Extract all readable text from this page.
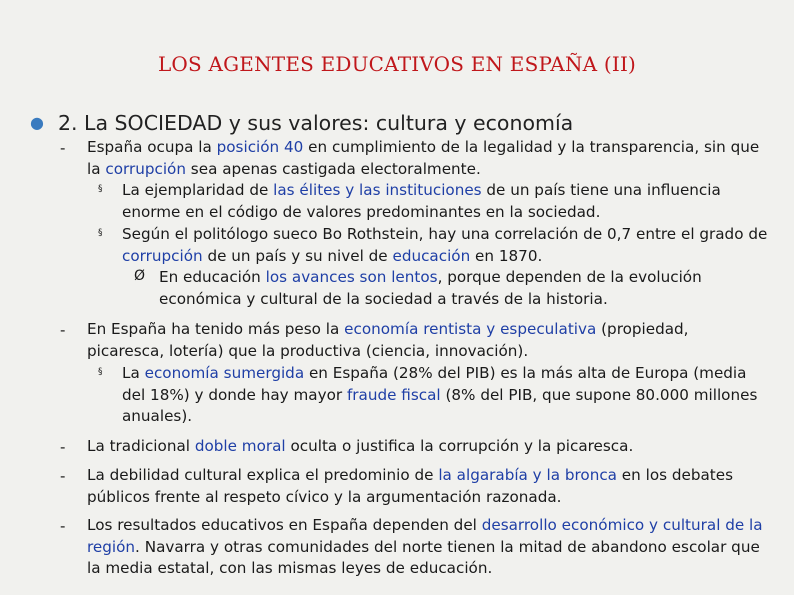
LOS AGENTES EDUCATIVOS EN ESPAÑA (II)
● 2. La SOCIEDAD y sus valores: cultura y economía
- España ocupa la posición 40 en cumplimiento de la legalidad y la transparencia, sin que la corrupción sea apenas castigada electoralmente.
§ La ejemplaridad de las élites y las instituciones de un país tiene una influencia enorme en el código de valores predominantes en la sociedad.
§ Según el politólogo sueco Bo Rothstein, hay una correlación de 0,7 entre el grado de corrupción de un país y su nivel de educación en 1870.
Ø En educación los avances son lentos, porque dependen de la evolución económica y cultural de la sociedad a través de la historia.
- En España ha tenido más peso la economía rentista y especulativa (propiedad, picaresca, lotería) que la productiva (ciencia, innovación).
§ La economía sumergida en España (28% del PIB) es la más alta de Europa (media del 18%) y donde hay mayor fraude fiscal (8% del PIB, que supone 80.000 millones anuales).
- La tradicional doble moral oculta o justifica la corrupción y la picaresca.
- La debilidad cultural explica el predominio de la algarabía y la bronca en los debates públicos frente al respeto cívico y la argumentación razonada.
- Los resultados educativos en España dependen del desarrollo económico y cultural de la región. Navarra y otras comunidades del norte tienen la mitad de abandono escolar que la media estatal, con las mismas leyes de educación.
